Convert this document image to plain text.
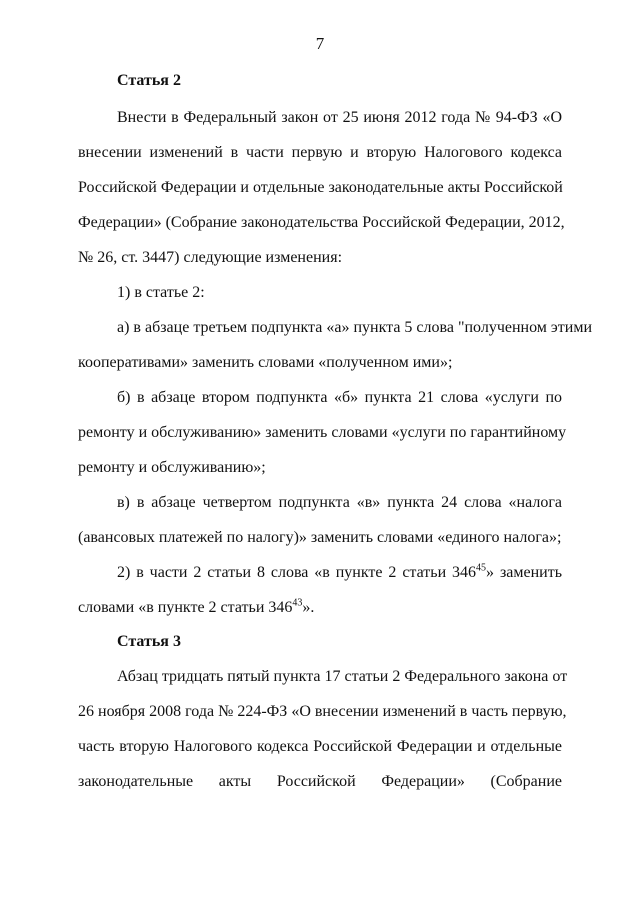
7
Статья 2
Внести в Федеральный закон от 25 июня 2012 года № 94-ФЗ «О
внесении изменений в части первую и вторую Налогового кодекса
Российской Федерации и отдельные законодательные акты Российской
Федерации» (Собрание законодательства Российской Федерации, 2012,
№ 26, ст. 3447) следующие изменения:
1) в статье 2:
а) в абзаце третьем подпункта «а» пункта 5 слова "полученном этими
кооперативами» заменить словами «полученном ими»;
б) в абзаце втором подпункта «б» пункта 21 слова «услуги по
ремонту и обслуживанию» заменить словами «услуги по гарантийному
ремонту и обслуживанию»;
в) в абзаце четвертом подпункта «в» пункта 24 слова «налога
(авансовых платежей по налогу)» заменить словами «единого налога»;
2) в части 2 статьи 8 слова «в пункте 2 статьи $346^{45}$» заменить
словами «в пункте 2 статьи $346^{43}$».
Статья 3
Абзац тридцать пятый пункта 17 статьи 2 Федерального закона от
26 ноября 2008 года № 224-ФЗ «О внесении изменений в часть первую,
часть вторую Налогового кодекса Российской Федерации и отдельные
законодательные акты Российской Федерации» (Собрание
